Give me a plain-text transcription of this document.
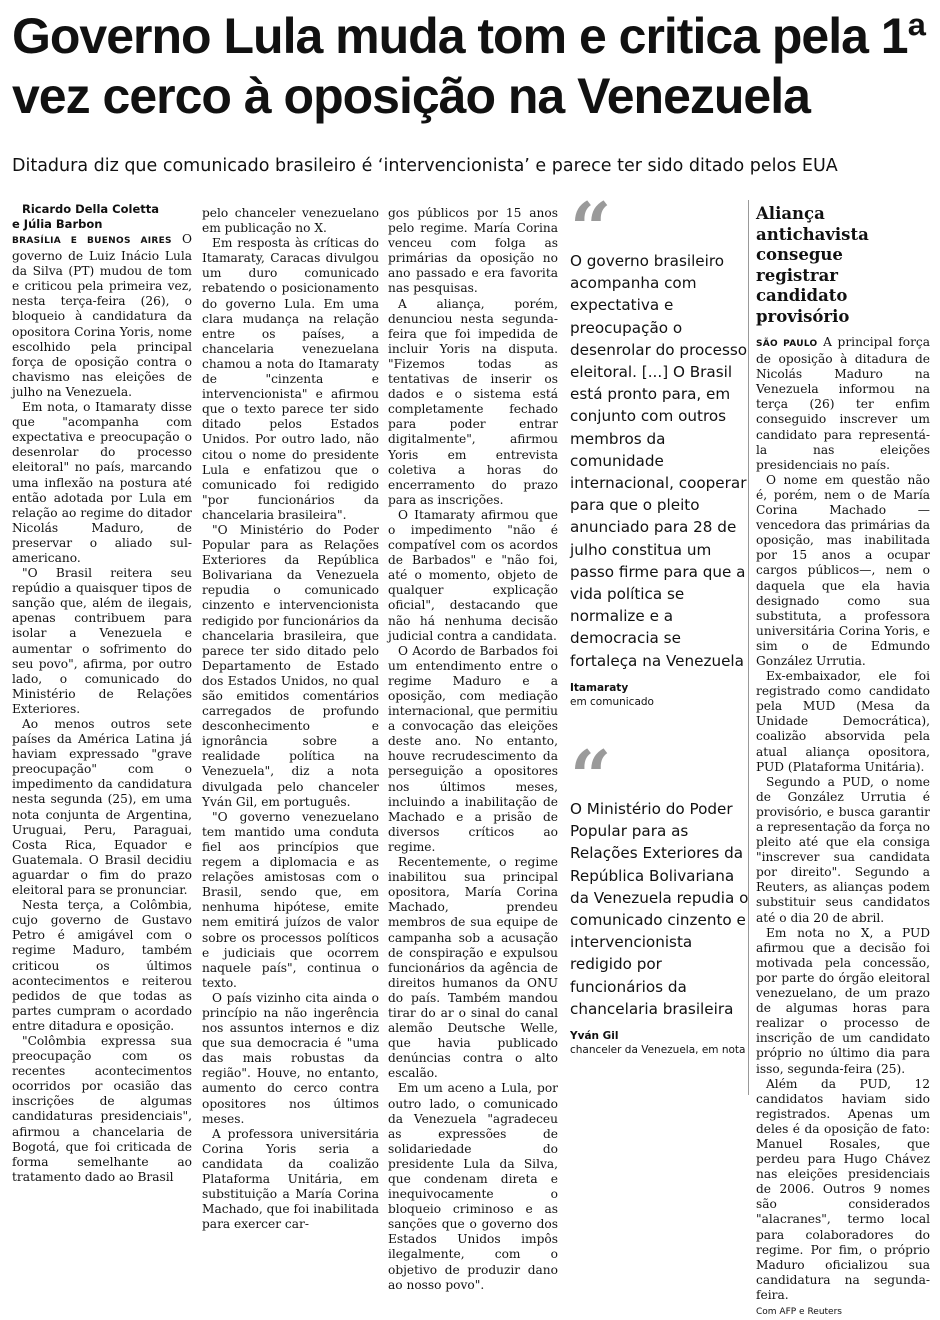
Governo Lula muda tom e critica pela 1ª vez cerco à oposição na Venezuela

Ditadura diz que comunicado brasileiro é ‘intervencionista’ e parece ter sido ditado pelos EUA

Ricardo Della Coletta
e Júlia Barbon

BRASÍLIA E BUENOS AIRES O governo de Luiz Inácio Lula da Silva (PT) mudou de tom e criticou pela primeira vez, nesta terça-feira (26), o bloqueio à candidatura da opositora Corina Yoris, nome escolhido pela principal força de oposição contra o chavismo nas eleições de julho na Venezuela.

Em nota, o Itamaraty disse que "acompanha com expectativa e preocupação o desenrolar do processo eleitoral" no país, marcando uma inflexão na postura até então adotada por Lula em relação ao regime do ditador Nicolás Maduro, de preservar o aliado sul-americano.

"O Brasil reitera seu repúdio a quaisquer tipos de sanção que, além de ilegais, apenas contribuem para isolar a Venezuela e aumentar o sofrimento do seu povo", afirma, por outro lado, o comunicado do Ministério de Relações Exteriores.

Ao menos outros sete países da América Latina já haviam expressado "grave preocupação" com o impedimento da candidatura nesta segunda (25), em uma nota conjunta de Argentina, Uruguai, Peru, Paraguai, Costa Rica, Equador e Guatemala. O Brasil decidiu aguardar o fim do prazo eleitoral para se pronunciar.

Nesta terça, a Colômbia, cujo governo de Gustavo Petro é amigável com o regime Maduro, também criticou os últimos acontecimentos e reiterou pedidos de que todas as partes cumpram o acordado entre ditadura e oposição.

"Colômbia expressa sua preocupação com os recentes acontecimentos ocorridos por ocasião das inscrições de algumas candidaturas presidenciais", afirmou a chancelaria de Bogotá, que foi criticada de forma semelhante ao tratamento dado ao Brasil

pelo chanceler venezuelano em publicação no X.

Em resposta às críticas do Itamaraty, Caracas divulgou um duro comunicado rebatendo o posicionamento do governo Lula. Em uma clara mudança na relação entre os países, a chancelaria venezuelana chamou a nota do Itamaraty de "cinzenta e intervencionista" e afirmou que o texto parece ter sido ditado pelos Estados Unidos. Por outro lado, não citou o nome do presidente Lula e enfatizou que o comunicado foi redigido "por funcionários da chancelaria brasileira".

"O Ministério do Poder Popular para as Relações Exteriores da República Bolivariana da Venezuela repudia o comunicado cinzento e intervencionista redigido por funcionários da chancelaria brasileira, que parece ter sido ditado pelo Departamento de Estado dos Estados Unidos, no qual são emitidos comentários carregados de profundo desconhecimento e ignorância sobre a realidade política na Venezuela", diz a nota divulgada pelo chanceler Yván Gil, em português.

"O governo venezuelano tem mantido uma conduta fiel aos princípios que regem a diplomacia e as relações amistosas com o Brasil, sendo que, em nenhuma hipótese, emite nem emitirá juízos de valor sobre os processos políticos e judiciais que ocorrem naquele país", continua o texto.

O país vizinho cita ainda o princípio na não ingerência nos assuntos internos e diz que sua democracia é "uma das mais robustas da região". Houve, no entanto, aumento do cerco contra opositores nos últimos meses.

A professora universitária Corina Yoris seria a candidata da coalizão Plataforma Unitária, em substituição a María Corina Machado, que foi inabilitada para exercer car-

gos públicos por 15 anos pelo regime. María Corina venceu com folga as primárias da oposição no ano passado e era favorita nas pesquisas.

A aliança, porém, denunciou nesta segunda-feira que foi impedida de incluir Yoris na disputa. "Fizemos todas as tentativas de inserir os dados e o sistema está completamente fechado para poder entrar digitalmente", afirmou Yoris em entrevista coletiva a horas do encerramento do prazo para as inscrições.

O Itamaraty afirmou que o impedimento "não é compatível com os acordos de Barbados" e "não foi, até o momento, objeto de qualquer explicação oficial", destacando que não há nenhuma decisão judicial contra a candidata.

O Acordo de Barbados foi um entendimento entre o regime Maduro e a oposição, com mediação internacional, que permitiu a convocação das eleições deste ano. No entanto, houve recrudescimento da perseguição a opositores nos últimos meses, incluindo a inabilitação de Machado e a prisão de diversos críticos ao regime.

Recentemente, o regime inabilitou sua principal opositora, María Corina Machado, prendeu membros de sua equipe de campanha sob a acusação de conspiração e expulsou funcionários da agência de direitos humanos da ONU do país. Também mandou tirar do ar o sinal do canal alemão Deutsche Welle, que havia publicado denúncias contra o alto escalão.

Em um aceno a Lula, por outro lado, o comunicado da Venezuela "agradeceu as expressões de solidariedade do presidente Lula da Silva, que condenam direta e inequivocamente o bloqueio criminoso e as sanções que o governo dos Estados Unidos impôs ilegalmente, com o objetivo de produzir dano ao nosso povo".

“

O governo brasileiro acompanha com expectativa e preocupação o desenrolar do processo eleitoral. [...] O Brasil está pronto para, em conjunto com outros membros da comunidade internacional, cooperar para que o pleito anunciado para 28 de julho constitua um passo firme para que a vida política se normalize e a democracia se fortaleça na Venezuela

Itamaraty

em comunicado

“

O Ministério do Poder Popular para as Relações Exteriores da República Bolivariana da Venezuela repudia o comunicado cinzento e intervencionista redigido por funcionários da chancelaria brasileira

Yván Gil

chanceler da Venezuela, em nota

Aliança antichavista consegue registrar candidato provisório

SÃO PAULO A principal força de oposição à ditadura de Nicolás Maduro na Venezuela informou na terça (26) ter enfim conseguido inscrever um candidato para representá-la nas eleições presidenciais no país.

O nome em questão não é, porém, nem o de María Corina Machado —vencedora das primárias da oposição, mas inabilitada por 15 anos a ocupar cargos públicos—, nem o daquela que ela havia designado como sua substituta, a professora universitária Corina Yoris, e sim o de Edmundo González Urrutia.

Ex-embaixador, ele foi registrado como candidato pela MUD (Mesa da Unidade Democrática), coalizão absorvida pela atual aliança opositora, PUD (Plataforma Unitária).

Segundo a PUD, o nome de González Urrutia é provisório, e busca garantir a representação da força no pleito até que ela consiga "inscrever sua candidata por direito". Segundo a Reuters, as alianças podem substituir seus candidatos até o dia 20 de abril.

Em nota no X, a PUD afirmou que a decisão foi motivada pela concessão, por parte do órgão eleitoral venezuelano, de um prazo de algumas horas para realizar o processo de inscrição de um candidato próprio no último dia para isso, segunda-feira (25).

Além da PUD, 12 candidatos haviam sido registrados. Apenas um deles é da oposição de fato: Manuel Rosales, que perdeu para Hugo Chávez nas eleições presidenciais de 2006. Outros 9 nomes são considerados "alacranes", termo local para colaboradores do regime. Por fim, o próprio Maduro oficializou sua candidatura na segunda-feira.

Com AFP e Reuters
